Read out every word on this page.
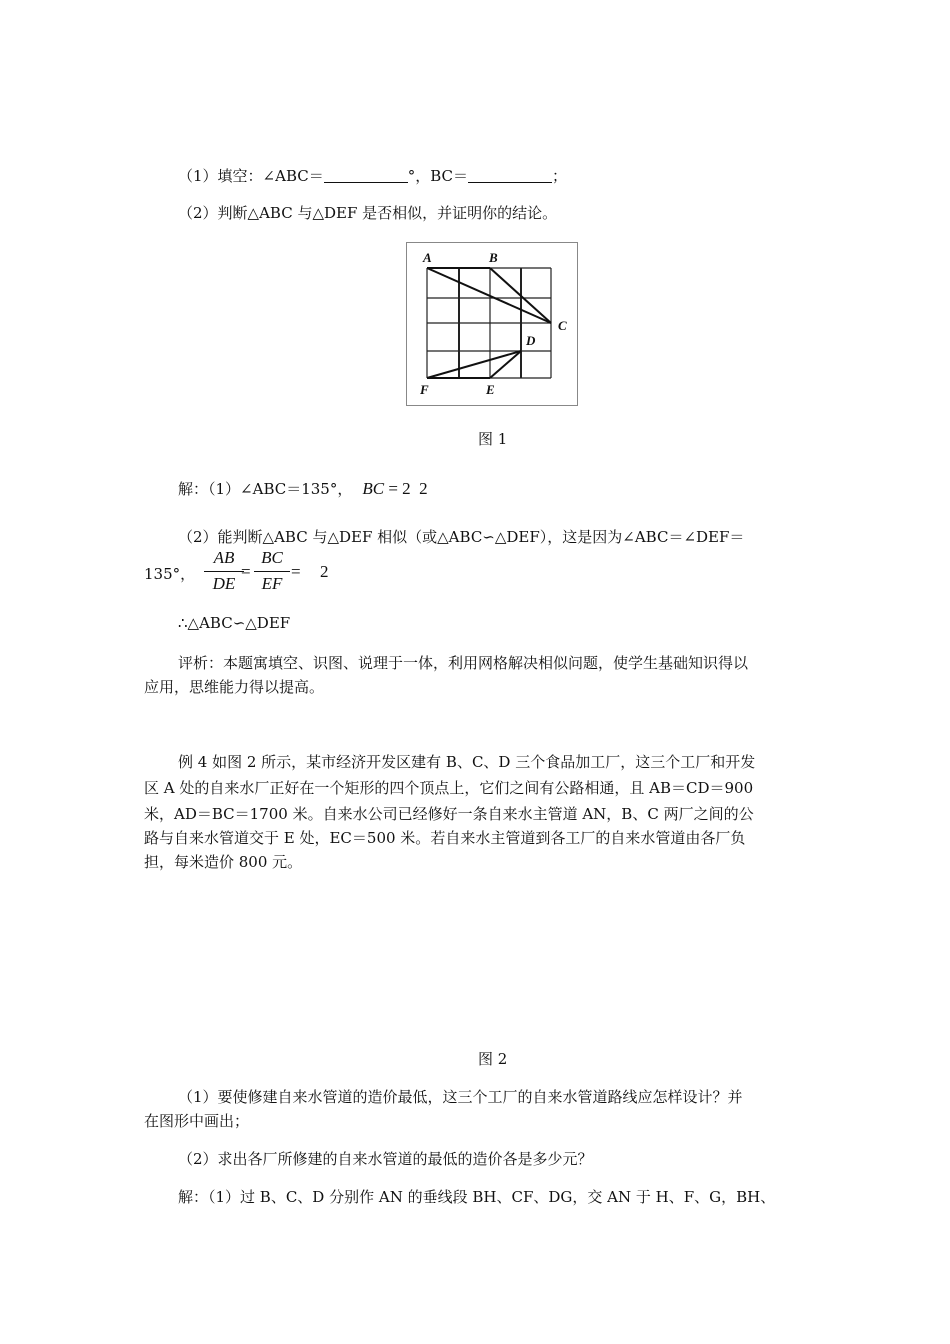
（1）填空：∠ABC＝	°，BC＝	；
（2）判断△ABC 与△DEF 是否相似，并证明你的结论。
A	B
C
D
E
F
图 1
解：（1）∠ABC＝135°， BC = 2  2
（2）能判断△ABC 与△DEF 相似（或△ABC∽△DEF），这是因为∠ABC＝∠DEF＝
135°，
AB
DE
=
BC
EF
= 2
∴△ABC∽△DEF
评析：本题寓填空、识图、说理于一体，利用网格解决相似问题，使学生基础知识得以
应用，思维能力得以提高。
例 4 如图 2 所示，某市经济开发区建有 B、C、D 三个食品加工厂，这三个工厂和开发
区 A 处的自来水厂正好在一个矩形的四个顶点上，它们之间有公路相通，且 AB＝CD＝900
米，AD＝BC＝1700 米。自来水公司已经修好一条自来水主管道 AN，B、C 两厂之间的公
路与自来水管道交于 E 处，EC＝500 米。若自来水主管道到各工厂的自来水管道由各厂负
担，每米造价 800 元。
图 2
（1）要使修建自来水管道的造价最低，这三个工厂的自来水管道路线应怎样设计？并
在图形中画出；
（2）求出各厂所修建的自来水管道的最低的造价各是多少元？
解：（1）过 B、C、D 分别作 AN 的垂线段 BH、CF、DG，交 AN 于 H、F、G，BH、
